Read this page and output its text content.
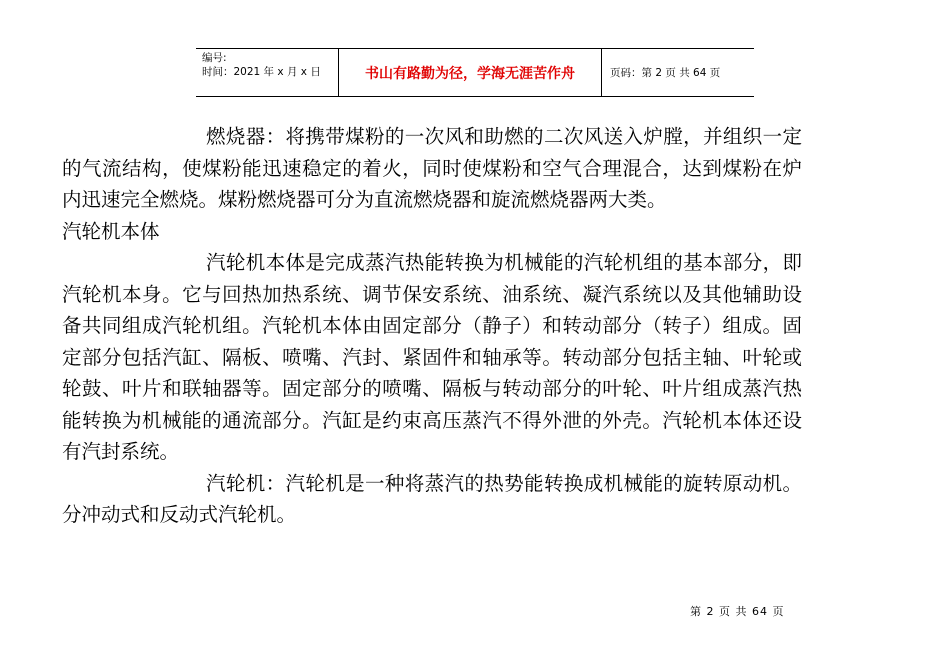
编号:
时间：2021 年 x 月 x 日	书山有路勤为径，学海无涯苦作舟	页码：第 2 页 共 64 页

燃烧器：将携带煤粉的一次风和助燃的二次风送入炉膛，并组织一定的气流结构，使煤粉能迅速稳定的着火，同时使煤粉和空气合理混合，达到煤粉在炉内迅速完全燃烧。煤粉燃烧器可分为直流燃烧器和旋流燃烧器两大类。

汽轮机本体

汽轮机本体是完成蒸汽热能转换为机械能的汽轮机组的基本部分，即汽轮机本身。它与回热加热系统、调节保安系统、油系统、凝汽系统以及其他辅助设备共同组成汽轮机组。汽轮机本体由固定部分（静子）和转动部分（转子）组成。固定部分包括汽缸、隔板、喷嘴、汽封、紧固件和轴承等。转动部分包括主轴、叶轮或轮鼓、叶片和联轴器等。固定部分的喷嘴、隔板与转动部分的叶轮、叶片组成蒸汽热能转换为机械能的通流部分。汽缸是约束高压蒸汽不得外泄的外壳。汽轮机本体还设有汽封系统。

汽轮机：汽轮机是一种将蒸汽的热势能转换成机械能的旋转原动机。分冲动式和反动式汽轮机。

第 2 页 共 64 页
